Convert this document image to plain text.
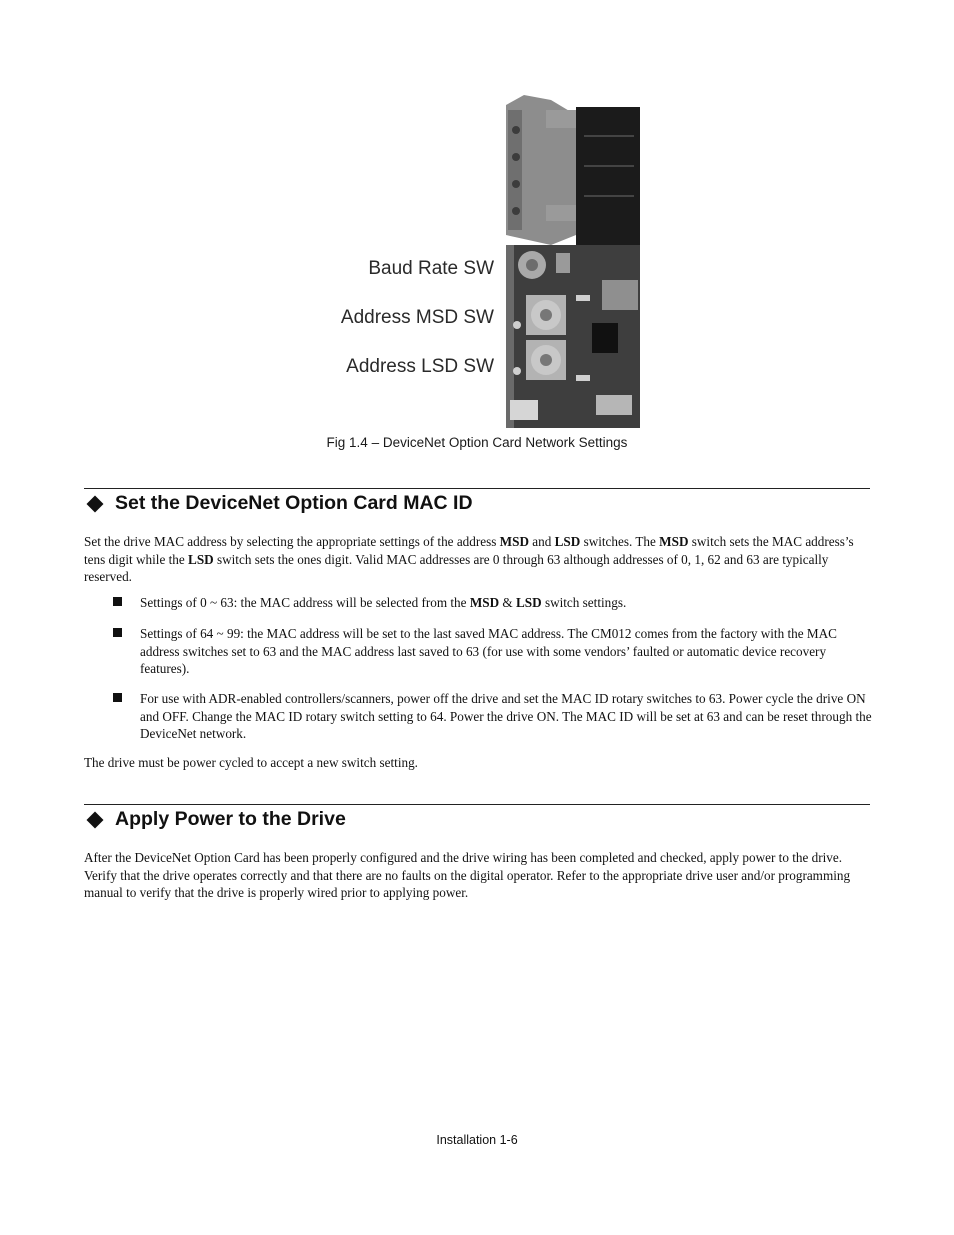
Baud Rate SW
Address MSD SW
Address LSD SW
Fig 1.4 – DeviceNet Option Card Network Settings
Set the DeviceNet Option Card MAC ID
Set the drive MAC address by selecting the appropriate settings of the address MSD and LSD switches. The MSD switch sets the MAC address’s tens digit while the LSD switch sets the ones digit. Valid MAC addresses are 0 through 63 although addresses of 0, 1, 62 and 63 are typically reserved.
Settings of 0 ~ 63: the MAC address will be selected from the MSD & LSD switch settings.
Settings of 64 ~ 99: the MAC address will be set to the last saved MAC address. The CM012 comes from the factory with the MAC address switches set to 63 and the MAC address last saved to 63 (for use with some vendors’ faulted or automatic device recovery features).
For use with ADR-enabled controllers/scanners, power off the drive and set the MAC ID rotary switches to 63. Power cycle the drive ON and OFF. Change the MAC ID rotary switch setting to 64. Power the drive ON. The MAC ID will be set at 63 and can be reset through the DeviceNet network.
The drive must be power cycled to accept a new switch setting.
Apply Power to the Drive
After the DeviceNet Option Card has been properly configured and the drive wiring has been completed and checked, apply power to the drive. Verify that the drive operates correctly and that there are no faults on the digital operator. Refer to the appropriate drive user and/or programming manual to verify that the drive is properly wired prior to applying power.
Installation 1-6
